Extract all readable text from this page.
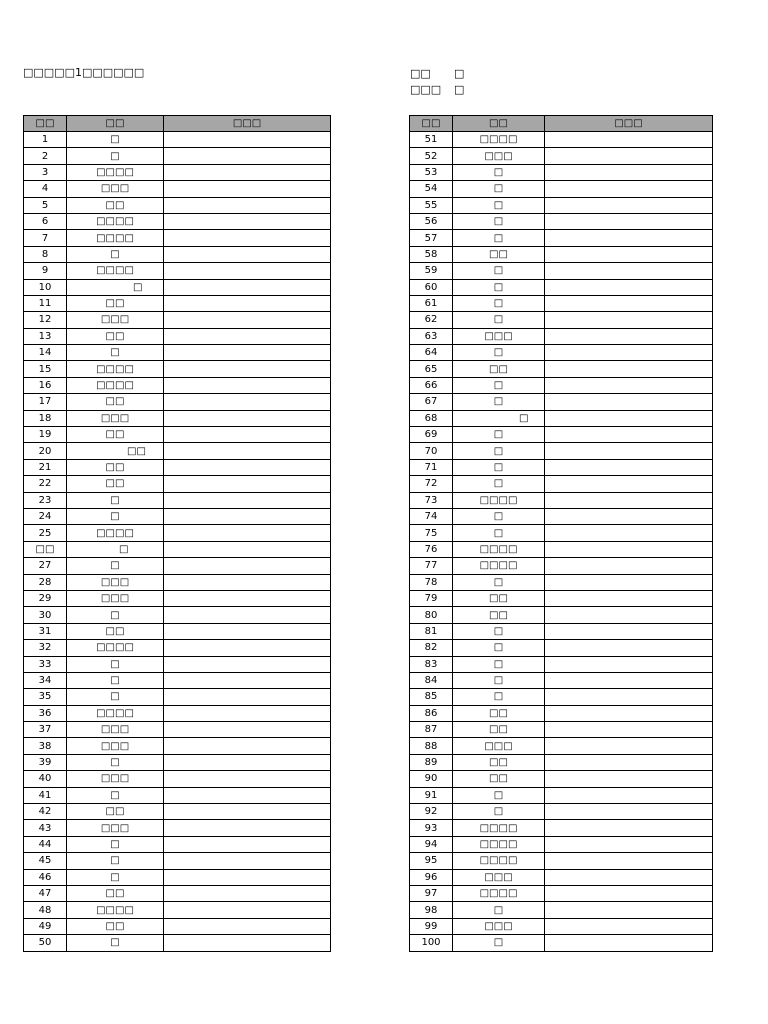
□□□□□1□□□□□□	□□	□
□□□	□
□□	□□	□□□
1	□	
2	□	
3	□□□□	
4	□□□	
5	□□	
6	□□□□	
7	□□□□	
8	□	
9	□□□□	
10	□	
11	□□	
12	□□□	
13	□□	
14	□	
15	□□□□	
16	□□□□	
17	□□	
18	□□□	
19	□□	
20	□□	
21	□□	
22	□□	
23	□	
24	□	
25	□□□□	
□□	□	
27	□	
28	□□□	
29	□□□	
30	□	
31	□□	
32	□□□□	
33	□	
34	□	
35	□	
36	□□□□	
37	□□□	
38	□□□	
39	□	
40	□□□	
41	□	
42	□□	
43	□□□	
44	□	
45	□	
46	□	
47	□□	
48	□□□□	
49	□□	
50	□	
□□	□□	□□□
51	□□□□	
52	□□□	
53	□	
54	□	
55	□	
56	□	
57	□	
58	□□	
59	□	
60	□	
61	□	
62	□	
63	□□□	
64	□	
65	□□	
66	□	
67	□	
68	□	
69	□	
70	□	
71	□	
72	□	
73	□□□□	
74	□	
75	□	
76	□□□□	
77	□□□□	
78	□	
79	□□	
80	□□	
81	□	
82	□	
83	□	
84	□	
85	□	
86	□□	
87	□□	
88	□□□	
89	□□	
90	□□	
91	□	
92	□	
93	□□□□	
94	□□□□	
95	□□□□	
96	□□□	
97	□□□□	
98	□	
99	□□□	
100	□	
